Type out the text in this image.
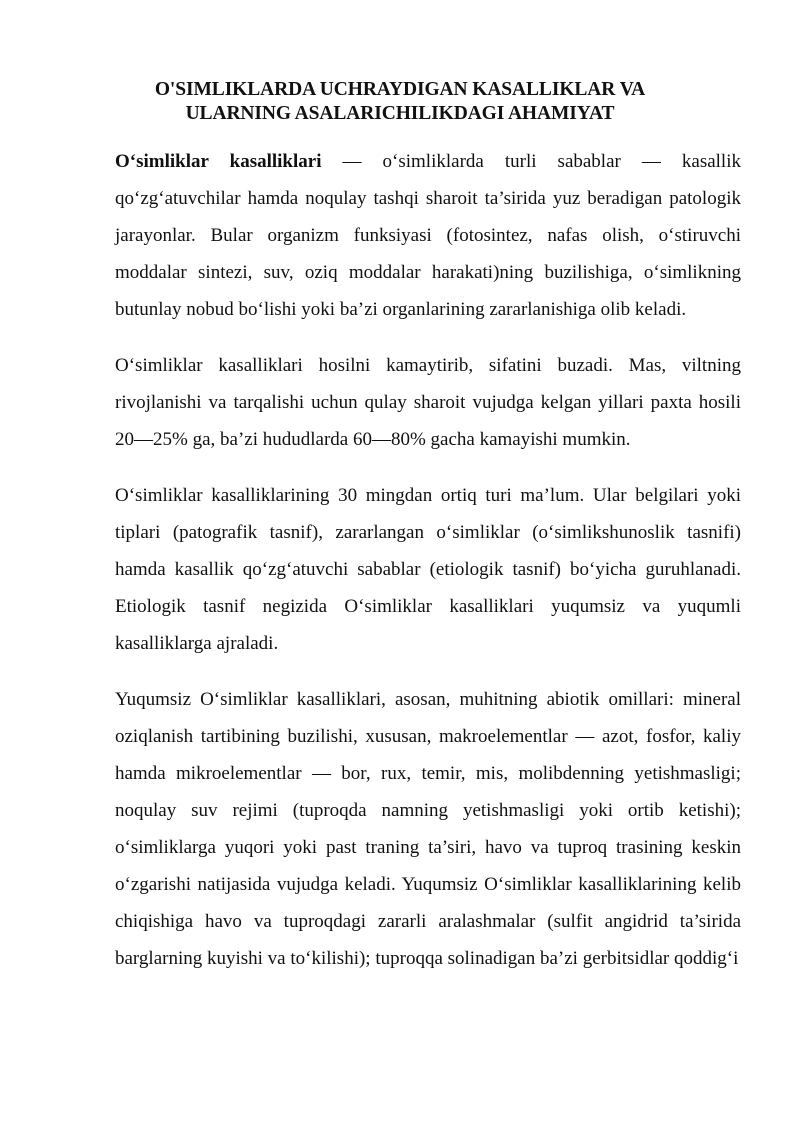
O'SIMLIKLARDA UCHRAYDIGAN KASALLIKLAR VA
ULARNING ASALARICHILIKDAGI AHAMIYAT

O‘simliklar kasalliklari — o‘simliklarda turli sabablar — kasallik qo‘zg‘atuvchilar hamda noqulay tashqi sharoit ta’sirida yuz beradigan patologik jarayonlar. Bular organizm funksiyasi (fotosintez, nafas olish, o‘stiruvchi moddalar sintezi, suv, oziq moddalar harakati)ning buzilishiga, o‘simlikning butunlay nobud bo‘lishi yoki ba’zi organlarining zararlanishiga olib keladi.

O‘simliklar kasalliklari hosilni kamaytirib, sifatini buzadi. Mas, viltning rivojlanishi va tarqalishi uchun qulay sharoit vujudga kelgan yillari paxta hosili 20—25% ga, ba’zi hududlarda 60—80% gacha kamayishi mumkin.

O‘simliklar kasalliklarining 30 mingdan ortiq turi ma’lum. Ular belgilari yoki tiplari (patografik tasnif), zararlangan o‘simliklar (o‘simlikshunoslik tasnifi) hamda kasallik qo‘zg‘atuvchi sabablar (etiologik tasnif) bo‘yicha guruhlanadi. Etiologik tasnif negizida O‘simliklar kasalliklari yuqumsiz va yuqumli kasalliklarga ajraladi.

Yuqumsiz O‘simliklar kasalliklari, asosan, muhitning abiotik omillari: mineral oziqlanish tartibining buzilishi, xususan, makroelementlar — azot, fosfor, kaliy hamda mikroelementlar — bor, rux, temir, mis, molibdenning yetishmasligi; noqulay suv rejimi (tuproqda namning yetishmasligi yoki ortib ketishi); o‘simliklarga yuqori yoki past traning ta’siri, havo va tuproq trasining keskin o‘zgarishi natijasida vujudga keladi. Yuqumsiz O‘simliklar kasalliklarining kelib chiqishiga havo va tuproqdagi zararli aralashmalar (sulfit angidrid ta’sirida barglarning kuyishi va to‘kilishi); tuproqqa solinadigan ba’zi gerbitsidlar qoddig‘i
